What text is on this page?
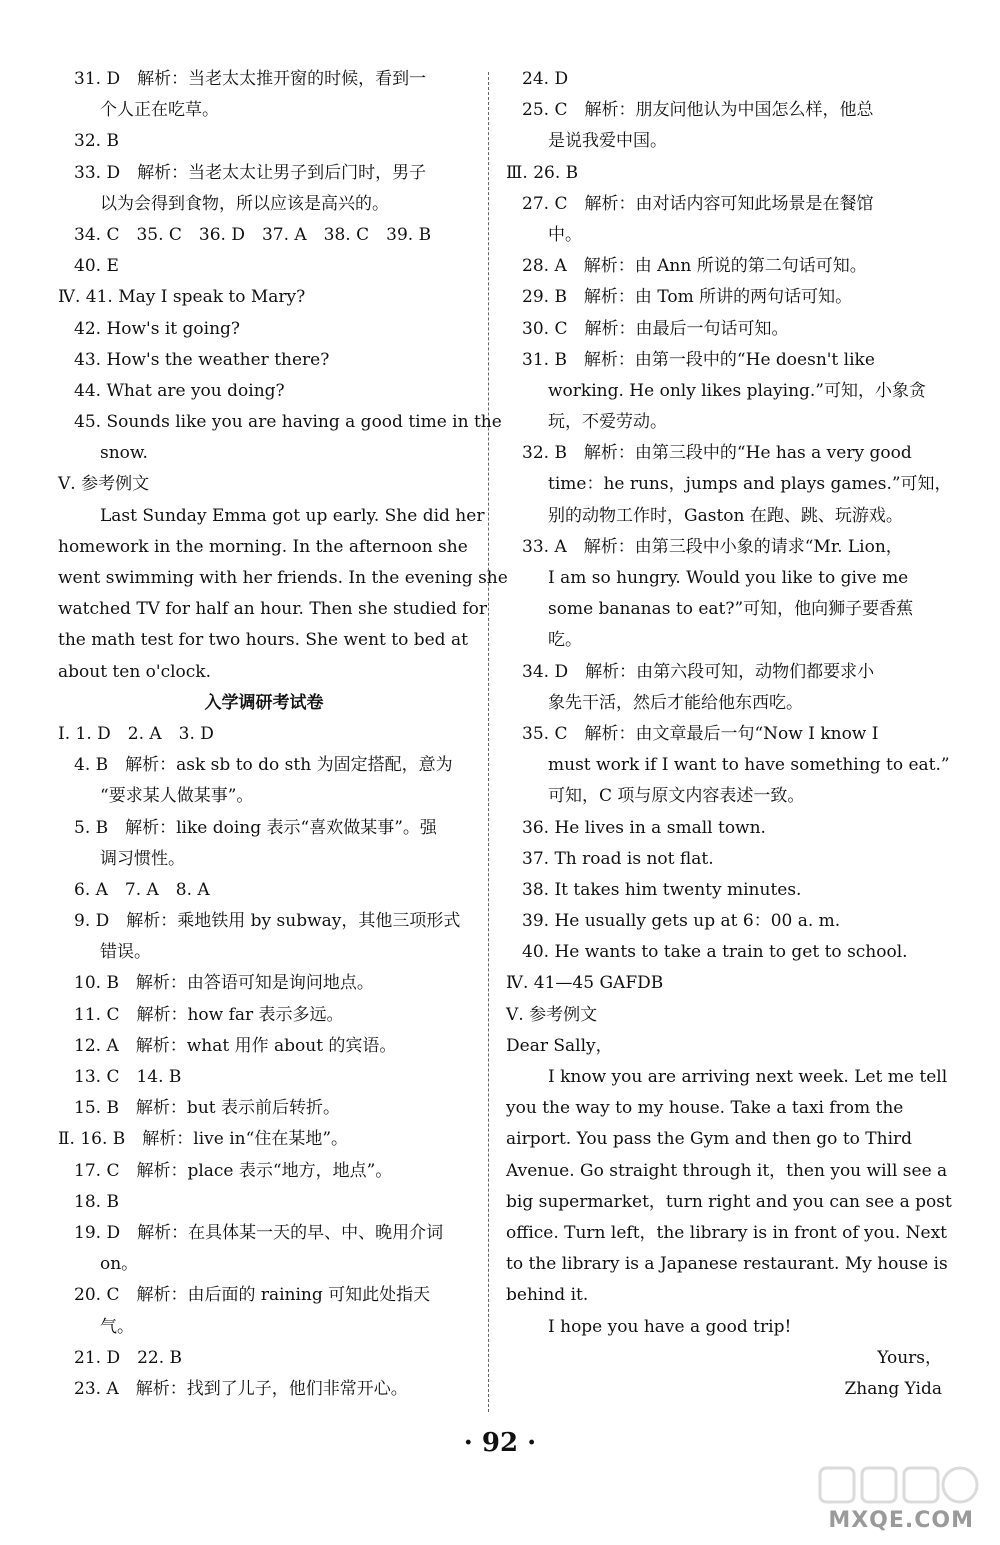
31. D　解析：当老太太推开窗的时候，看到一
个人正在吃草。
32. B
33. D　解析：当老太太让男子到后门时，男子
以为会得到食物，所以应该是高兴的。
34. C　35. C　36. D　37. A　38. C　39. B
40. E
Ⅳ. 41. May I speak to Mary?
42. How's it going?
43. How's the weather there?
44. What are you doing?
45. Sounds like you are having a good time in the
snow.
Ⅴ. 参考例文
Last Sunday Emma got up early. She did her
homework in the morning. In the afternoon she
went swimming with her friends. In the evening she
watched TV for half an hour. Then she studied for
the math test for two hours. She went to bed at
about ten o'clock.
入学调研考试卷
Ⅰ. 1. D　2. A　3. D
4. B　解析：ask sb to do sth 为固定搭配，意为
“要求某人做某事”。
5. B　解析：like doing 表示“喜欢做某事”。强
调习惯性。
6. A　7. A　8. A
9. D　解析：乘地铁用 by subway，其他三项形式
错误。
10. B　解析：由答语可知是询问地点。
11. C　解析：how far 表示多远。
12. A　解析：what 用作 about 的宾语。
13. C　14. B
15. B　解析：but 表示前后转折。
Ⅱ. 16. B　解析：live in“住在某地”。
17. C　解析：place 表示“地方，地点”。
18. B
19. D　解析：在具体某一天的早、中、晚用介词
on。
20. C　解析：由后面的 raining 可知此处指天
气。
21. D　22. B
23. A　解析：找到了儿子，他们非常开心。
24. D
25. C　解析：朋友问他认为中国怎么样，他总
是说我爱中国。
Ⅲ. 26. B
27. C　解析：由对话内容可知此场景是在餐馆
中。
28. A　解析：由 Ann 所说的第二句话可知。
29. B　解析：由 Tom 所讲的两句话可知。
30. C　解析：由最后一句话可知。
31. B　解析：由第一段中的“He doesn't like
working. He only likes playing.”可知，小象贪
玩，不爱劳动。
32. B　解析：由第三段中的“He has a very good
time：he runs，jumps and plays games.”可知，
别的动物工作时，Gaston 在跑、跳、玩游戏。
33. A　解析：由第三段中小象的请求“Mr. Lion，
I am so hungry. Would you like to give me
some bananas to eat?”可知，他向狮子要香蕉
吃。
34. D　解析：由第六段可知，动物们都要求小
象先干活，然后才能给他东西吃。
35. C　解析：由文章最后一句“Now I know I
must work if I want to have something to eat.”
可知，C 项与原文内容表述一致。
36. He lives in a small town.
37. Th road is not flat.
38. It takes him twenty minutes.
39. He usually gets up at 6：00 a. m.
40. He wants to take a train to get to school.
Ⅳ. 41—45 GAFDB
Ⅴ. 参考例文
Dear Sally，
I know you are arriving next week. Let me tell
you the way to my house. Take a taxi from the
airport. You pass the Gym and then go to Third
Avenue. Go straight through it，then you will see a
big supermarket，turn right and you can see a post
office. Turn left，the library is in front of you. Next
to the library is a Japanese restaurant. My house is
behind it.
I hope you have a good trip!
Yours，
Zhang Yida
· 92 ·
MXQE.COM
